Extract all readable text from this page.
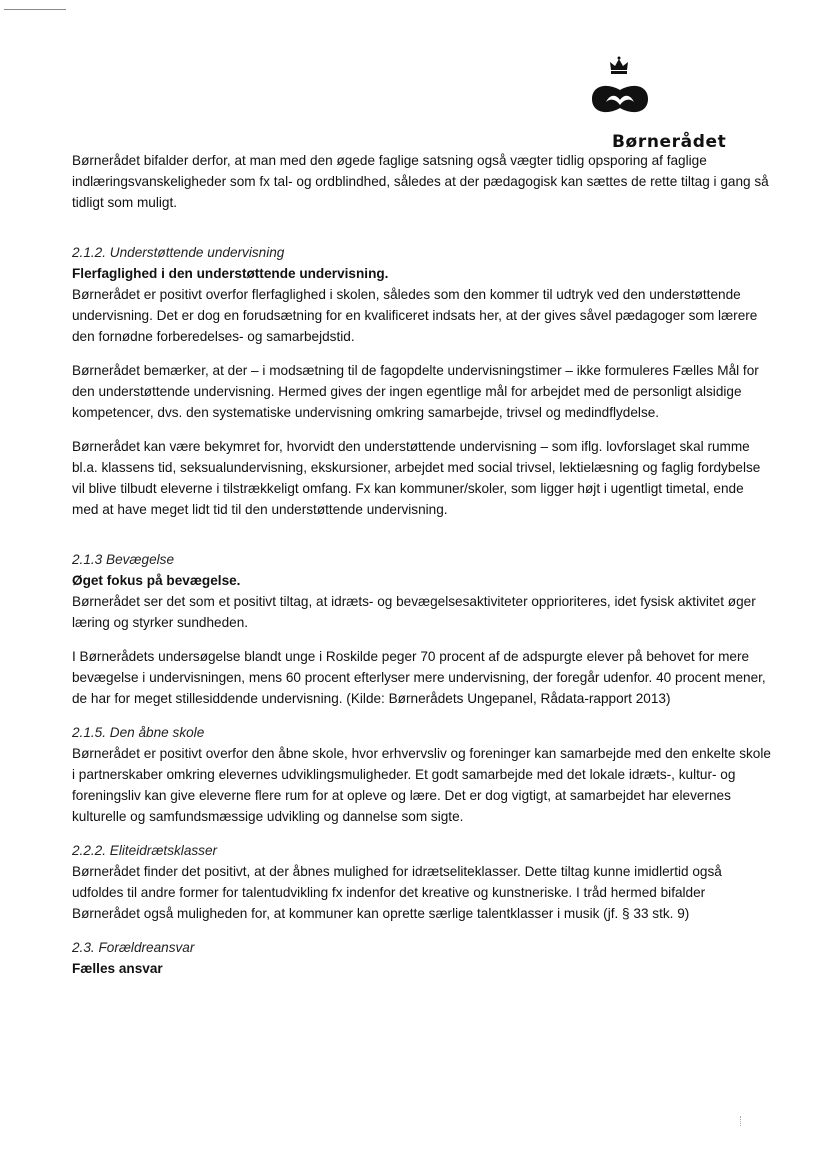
Børnerådet

Børnerådet bifalder derfor, at man med den øgede faglige satsning også vægter tidlig opsporing af faglige indlæringsvanskeligheder som fx tal- og ordblindhed, således at der pædagogisk kan sættes de rette tiltag i gang så tidligt som muligt.

2.1.2. Understøttende undervisning

Flerfaglighed i den understøttende undervisning.

Børnerådet er positivt overfor flerfaglighed i skolen, således som den kommer til udtryk ved den understøttende undervisning. Det er dog en forudsætning for en kvalificeret indsats her, at der gives såvel pædagoger som lærere den fornødne forberedelses- og samarbejdstid.

Børnerådet bemærker, at der – i modsætning til de fagopdelte undervisningstimer – ikke formuleres Fælles Mål for den understøttende undervisning. Hermed gives der ingen egentlige mål for arbejdet med de personligt alsidige kompetencer, dvs. den systematiske undervisning omkring samarbejde, trivsel og medindflydelse.

Børnerådet kan være bekymret for, hvorvidt den understøttende undervisning – som iflg. lovforslaget skal rumme bl.a. klassens tid, seksualundervisning, ekskursioner, arbejdet med social trivsel, lektielæsning og faglig fordybelse vil blive tilbudt eleverne i tilstrækkeligt omfang. Fx kan kommuner/skoler, som ligger højt i ugentligt timetal, ende med at have meget lidt tid til den understøttende undervisning.

2.1.3 Bevægelse

Øget fokus på bevægelse.

Børnerådet ser det som et positivt tiltag, at idræts- og bevægelsesaktiviteter opprioriteres, idet fysisk aktivitet øger læring og styrker sundheden.

I Børnerådets undersøgelse blandt unge i Roskilde peger 70 procent af de adspurgte elever på behovet for mere bevægelse i undervisningen, mens 60 procent efterlyser mere undervisning, der foregår udenfor. 40 procent mener, de har for meget stillesiddende undervisning. (Kilde: Børnerådets Ungepanel, Rådata-rapport 2013)

2.1.5. Den åbne skole

Børnerådet er positivt overfor den åbne skole, hvor erhvervsliv og foreninger kan samarbejde med den enkelte skole i partnerskaber omkring elevernes udviklingsmuligheder. Et godt samarbejde med det lokale idræts-, kultur- og foreningsliv kan give eleverne flere rum for at opleve og lære. Det er dog vigtigt, at samarbejdet har elevernes kulturelle og samfundsmæssige udvikling og dannelse som sigte.

2.2.2. Eliteidrætsklasser

Børnerådet finder det positivt, at der åbnes mulighed for idrætseliteklasser. Dette tiltag kunne imidlertid også udfoldes til andre former for talentudvikling fx indenfor det kreative og kunstneriske. I tråd hermed bifalder Børnerådet også muligheden for, at kommuner kan oprette særlige talentklasser i musik (jf. § 33 stk. 9)

2.3. Forældreansvar

Fælles ansvar
